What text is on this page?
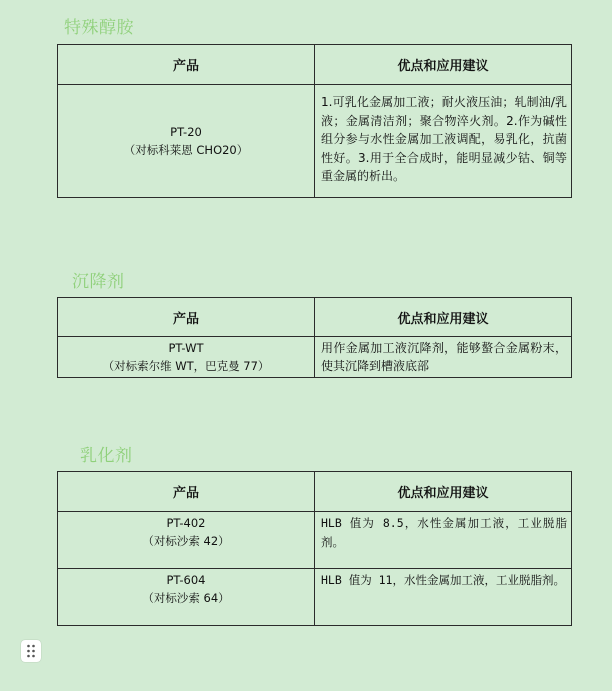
特殊醇胺
产品	优点和应用建议

PT-20
（对标科莱恩 CHO20）	1.可乳化金属加工液；耐火液压油；轧制油/乳液；金属清洁剂；聚合物淬火剂。2.作为碱性组分参与水性金属加工液调配，易乳化，抗菌性好。3.用于全合成时，能明显减少钴、铜等重金属的析出。
沉降剂
产品	优点和应用建议

PT-WT
（对标索尔维 WT，巴克曼 77）	用作金属加工液沉降剂，能够螯合金属粉末，使其沉降到槽液底部
乳化剂
产品	优点和应用建议

PT-402
（对标沙索 42）	HLB 值为 8.5，水性金属加工液，工业脱脂剂。

PT-604
（对标沙索 64）	HLB 值为 11，水性金属加工液，工业脱脂剂。
